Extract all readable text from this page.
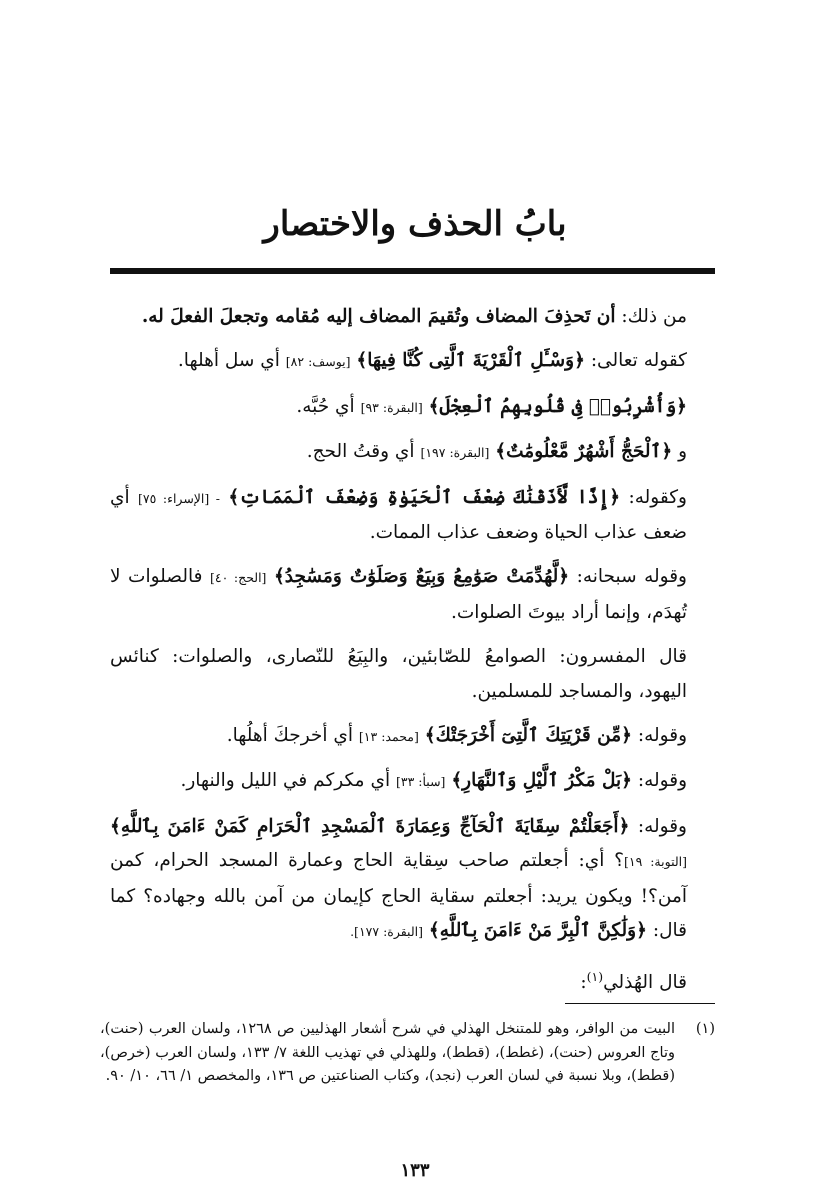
بابُ الحذف والاختصار

من ذلك: أن تَحذِفَ المضاف وتُقيمَ المضاف إليه مُقامه وتجعلَ الفعلَ له.

كقوله تعالى: ﴿وَسْـَٔلِ ٱلْقَرْيَةَ ٱلَّتِى كُنَّا فِيهَا﴾ [يوسف: ٨٢] أي سل أهلها.

﴿وَأُشْرِبُوا۟ فِى قُلُوبِهِمُ ٱلْعِجْلَ﴾ [البقرة: ٩٣] أي حُبَّه.

و ﴿ٱلْحَجُّ أَشْهُرٌ مَّعْلُومَٰتٌ﴾ [البقرة: ١٩٧] أي وقتُ الحج.

وكقوله: ﴿إِذًا لَّأَذَقْنَٰكَ ضِعْفَ ٱلْحَيَوٰةِ وَضِعْفَ ٱلْمَمَاتِ﴾ - [الإسراء: ٧٥] أي ضعف عذاب الحياة وضعف عذاب الممات.

وقوله سبحانه: ﴿لَّهُدِّمَتْ صَوَٰمِعُ وَبِيَعٌ وَصَلَوَٰتٌ وَمَسَٰجِدُ﴾ [الحج: ٤٠] فالصلوات لا تُهدَم، وإنما أراد بيوتَ الصلوات.

قال المفسرون: الصوامعُ للصّابئين، والبِيَعُ للنّصارى، والصلوات: كنائس اليهود، والمساجد للمسلمين.

وقوله: ﴿مِّن قَرْيَتِكَ ٱلَّتِىٓ أَخْرَجَتْكَ﴾ [محمد: ١٣] أي أخرجكَ أهلُها.

وقوله: ﴿بَلْ مَكْرُ ٱلَّيْلِ وَٱلنَّهَارِ﴾ [سبأ: ٣٣] أي مكركم في الليل والنهار.

وقوله: ﴿أَجَعَلْتُمْ سِقَايَةَ ٱلْحَآجِّ وَعِمَارَةَ ٱلْمَسْجِدِ ٱلْحَرَامِ كَمَنْ ءَامَنَ بِٱللَّهِ﴾ [التوبة: ١٩]؟ أي: أجعلتم صاحب سِقاية الحاج وعمارة المسجد الحرام، كمن آمن؟! ويكون يريد: أجعلتم سقاية الحاج كإيمان من آمن بالله وجهاده؟ كما قال: ﴿وَلَٰكِنَّ ٱلْبِرَّ مَنْ ءَامَنَ بِٱللَّهِ﴾ [البقرة: ١٧٧].

قال الهُذلي$^{(١)}$:

(١)
البيت من الوافر، وهو للمتنخل الهذلي في شرح أشعار الهذليين ص ١٢٦٨، ولسان العرب (حنت)، وتاج العروس (حنت)، (غطط)، (قطط)، وللهذلي في تهذيب اللغة ٧/ ١٣٣، ولسان العرب (خرص)، (قطط)، وبلا نسبة في لسان العرب (نجد)، وكتاب الصناعتين ص ١٣٦، والمخصص ١/ ٦٦، ١٠/ ٩٠.
١٣٣
